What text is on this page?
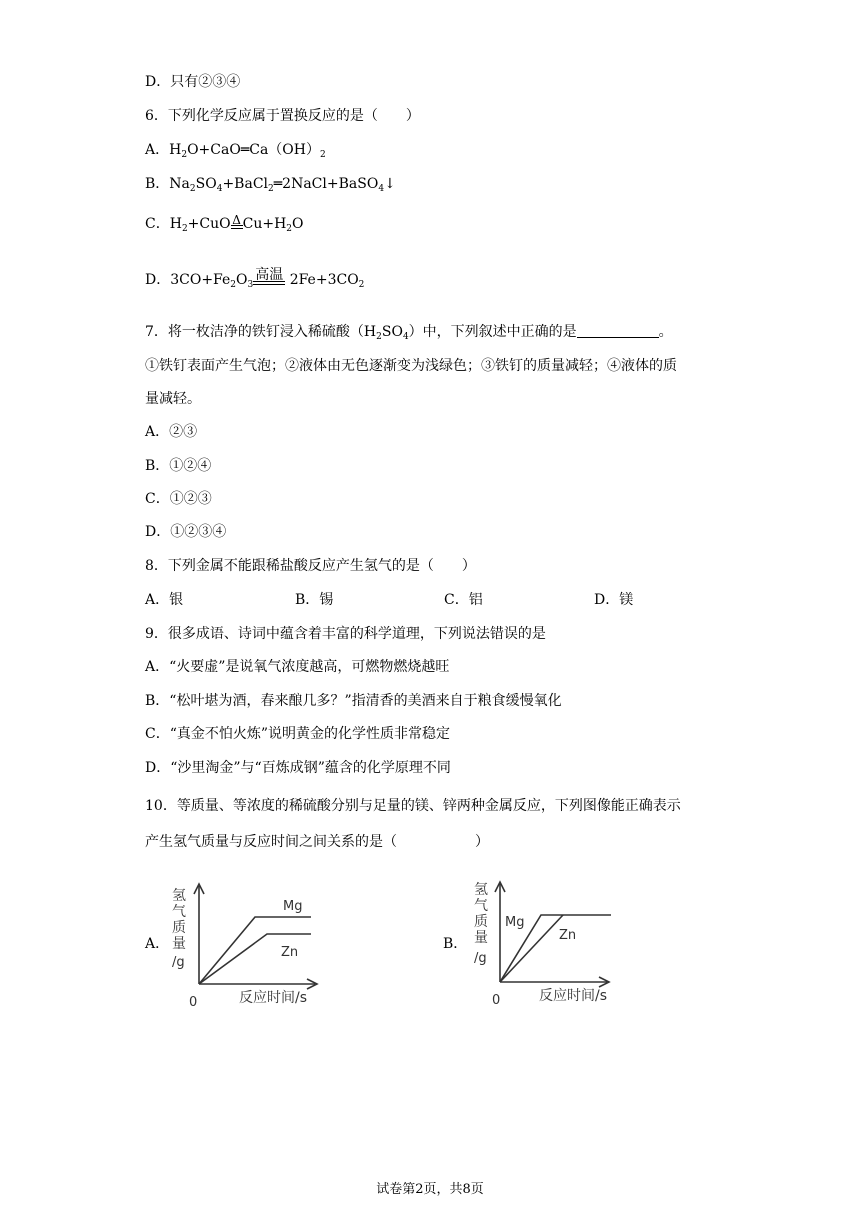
D．只有②③④
6．下列化学反应属于置换反应的是（ ）
A．$H_2O+CaO═Ca(OH)_2$
B．$Na_2SO_4+BaCl_2═2NaCl+BaSO_4↓$
C．$H_2+CuO$ Δ $Cu+H_2O$
D．$3CO+Fe_2O_3$
高温 $2Fe+3CO_2$
7．将一枚洁净的铁钉浸入稀硫酸$(H_2SO_4)$中，下列叙述中正确的是	。
①铁钉表面产生气泡；②液体由无色逐渐变为浅绿色；③铁钉的质量减轻；④液体的质
量减轻。
A．②③
B．①②④
C．①②③
D．①②③④
8．下列金属不能跟稀盐酸反应产生氢气的是（ ）
A．银	B．锡	C．铝	D．镁
9．很多成语、诗词中蕴含着丰富的科学道理，下列说法错误的是
A．“火要虚”是说氧气浓度越高，可燃物燃烧越旺
B．“松叶堪为酒，春来酿几多？”指清香的美酒来自于粮食缓慢氧化
C．“真金不怕火炼”说明黄金的化学性质非常稳定
D．“沙里淘金”与“百炼成钢”蕴含的化学原理不同
10．等质量、等浓度的稀硫酸分别与足量的镁、锌两种金属反应，下列图像能正确表示
产生氢气质量与反应时间之间关系的是（	）
A．
氢
气
质
量
/g
0	反应时间/s
Mg
Zn
B．
氢
气
质
量
/g
0	反应时间/s
Mg
Zn
试卷第2页，共8页
